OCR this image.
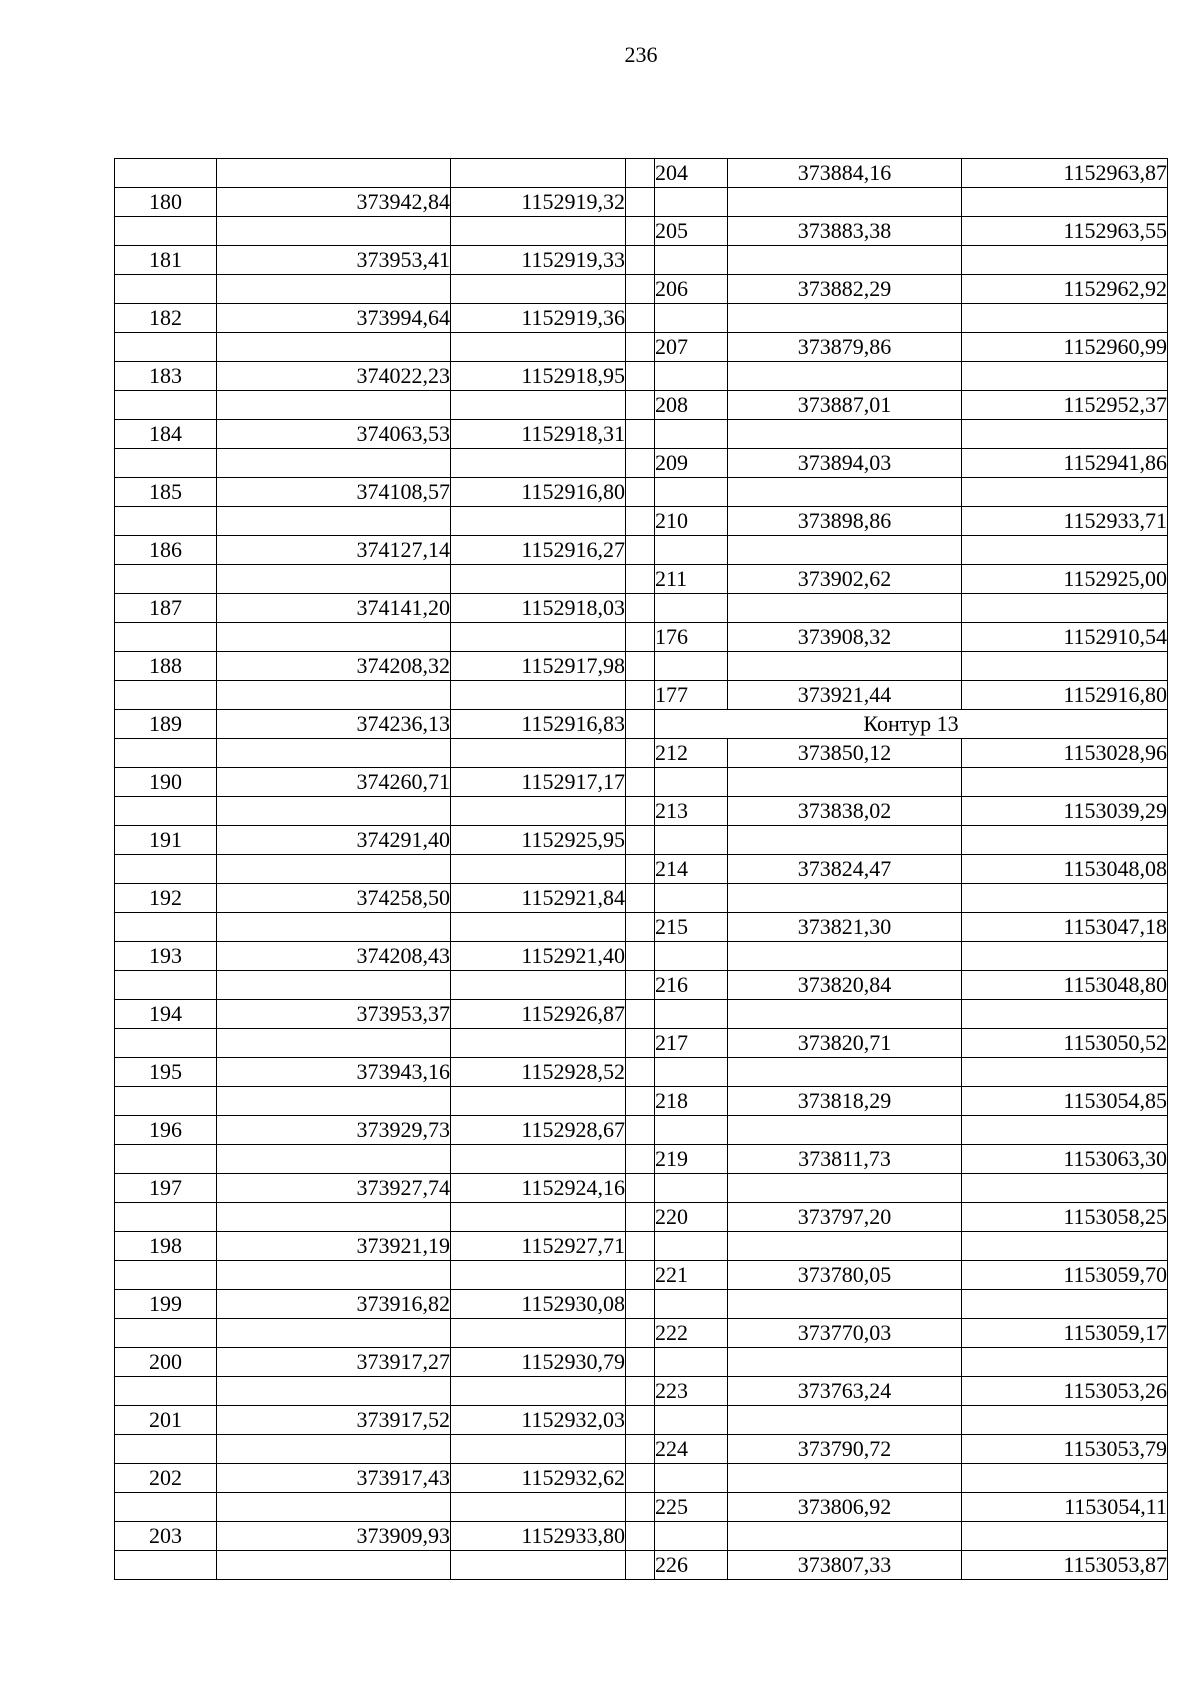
236
				204	373884,16	1152963,87
180	373942,84	1152919,32				
				205	373883,38	1152963,55
181	373953,41	1152919,33				
				206	373882,29	1152962,92
182	373994,64	1152919,36				
				207	373879,86	1152960,99
183	374022,23	1152918,95				
				208	373887,01	1152952,37
184	374063,53	1152918,31				
				209	373894,03	1152941,86
185	374108,57	1152916,80				
				210	373898,86	1152933,71
186	374127,14	1152916,27				
				211	373902,62	1152925,00
187	374141,20	1152918,03				
				176	373908,32	1152910,54
188	374208,32	1152917,98				
				177	373921,44	1152916,80
189	374236,13	1152916,83		Контур 13		
				212	373850,12	1153028,96
190	374260,71	1152917,17				
				213	373838,02	1153039,29
191	374291,40	1152925,95				
				214	373824,47	1153048,08
192	374258,50	1152921,84				
				215	373821,30	1153047,18
193	374208,43	1152921,40				
				216	373820,84	1153048,80
194	373953,37	1152926,87				
				217	373820,71	1153050,52
195	373943,16	1152928,52				
				218	373818,29	1153054,85
196	373929,73	1152928,67				
				219	373811,73	1153063,30
197	373927,74	1152924,16				
				220	373797,20	1153058,25
198	373921,19	1152927,71				
				221	373780,05	1153059,70
199	373916,82	1152930,08				
				222	373770,03	1153059,17
200	373917,27	1152930,79				
				223	373763,24	1153053,26
201	373917,52	1152932,03				
				224	373790,72	1153053,79
202	373917,43	1152932,62				
				225	373806,92	1153054,11
203	373909,93	1152933,80				
				226	373807,33	1153053,87
